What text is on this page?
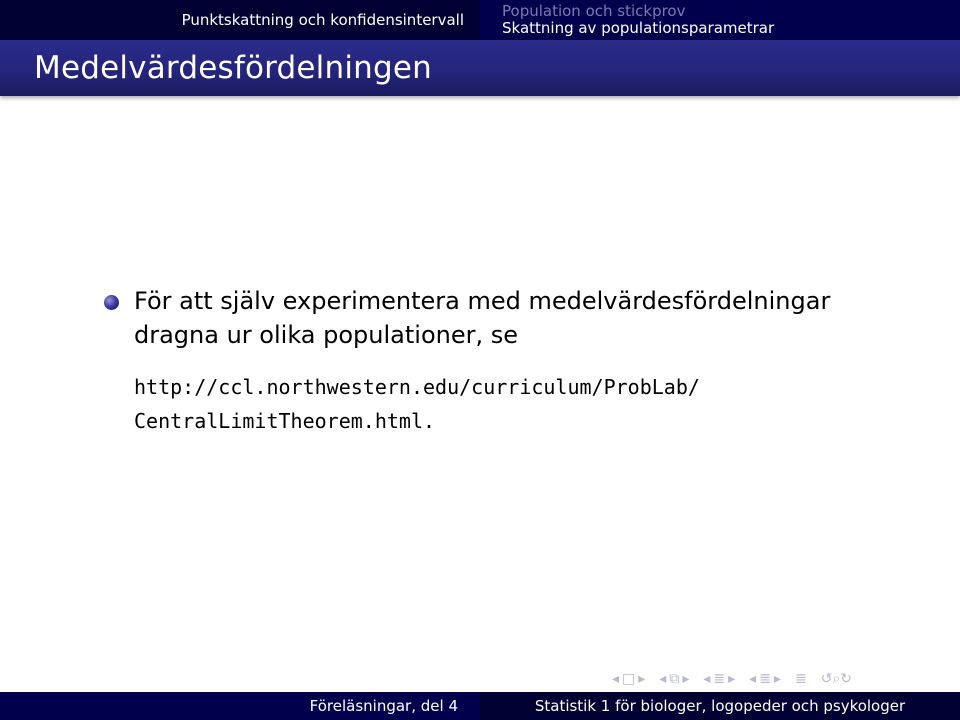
Punktskattning och konfidensintervall	Population och stickprov
Skattning av populationsparametrar
Medelvärdesfördelningen
För att själv experimentera med medelvärdesfördelningar
dragna ur olika populationer, se
http://ccl.northwestern.edu/curriculum/ProbLab/
CentralLimitTheorem.html.
◂ □ ▸ ◂ ⧉ ▸ ◂ ≣ ▸ ◂ ≣ ▸ ≣ ↺⌕↻
Föreläsningar, del 4	Statistik 1 för biologer, logopeder och psykologer
